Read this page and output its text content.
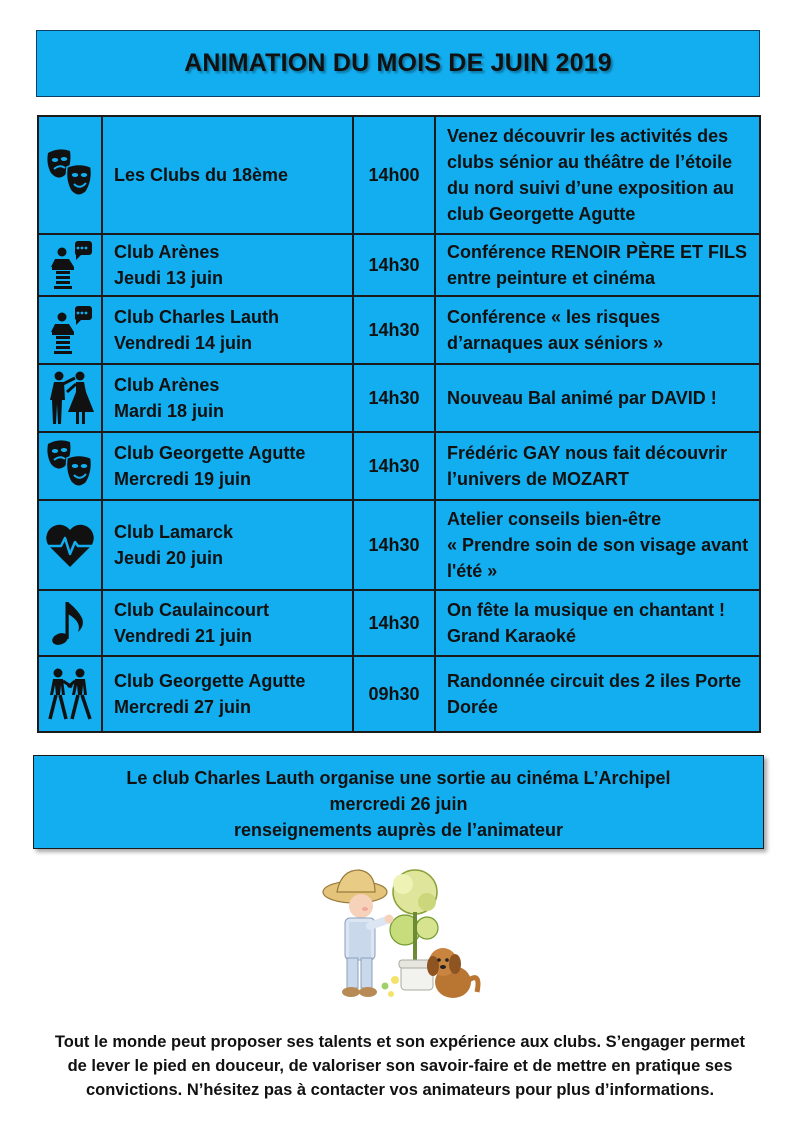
ANIMATION DU MOIS DE JUIN 2019

Les Clubs du 18ème	14h00	Venez découvrir les activités des
clubs sénior au théâtre de l’étoile
du nord suivi d’une exposition au
club Georgette Agutte

Club Arènes
Jeudi 13 juin	14h30	Conférence RENOIR PÈRE ET FILS
entre peinture et cinéma

Club Charles Lauth
Vendredi 14 juin	14h30	Conférence « les risques
d’arnaques aux séniors »

Club Arènes
Mardi 18 juin	14h30	Nouveau Bal animé par DAVID !

Club Georgette Agutte
Mercredi 19 juin	14h30	Frédéric GAY nous fait découvrir
l’univers de MOZART

Club Lamarck
Jeudi 20 juin	14h30	Atelier conseils bien-être
« Prendre soin de son visage avant
l'été »

Club Caulaincourt
Vendredi 21 juin	14h30	On fête la musique en chantant !
Grand Karaoké

Club Georgette Agutte
Mercredi 27 juin	09h30	Randonnée circuit des 2 iles Porte
Dorée
Le club Charles Lauth organise une sortie au cinéma L’Archipel
mercredi 26 juin
renseignements auprès de l’animateur
Tout le monde peut proposer ses talents et son expérience aux clubs. S’engager permet
de lever le pied en douceur, de valoriser son savoir-faire et de mettre en pratique ses
convictions. N’hésitez pas à contacter vos animateurs pour plus d’informations.
